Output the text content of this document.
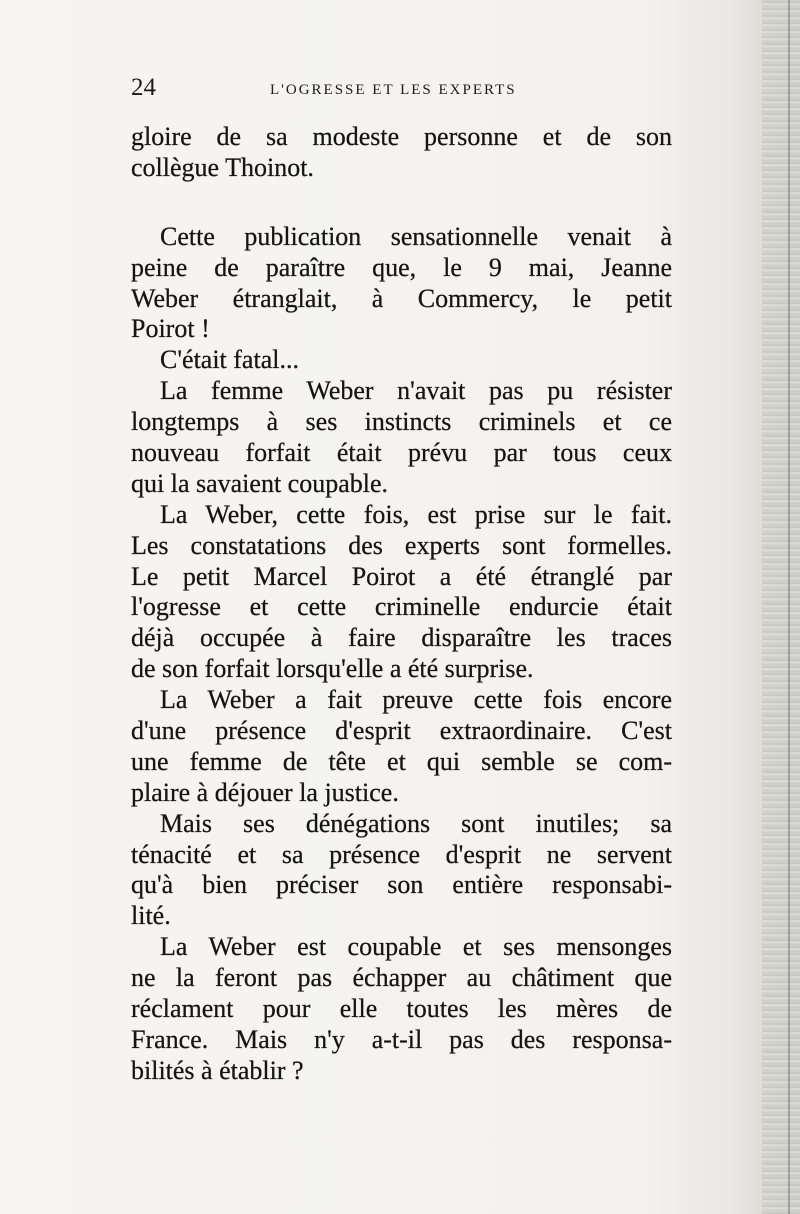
24	L'OGRESSE ET LES EXPERTS
gloire de sa modeste personne et de son
collègue Thoinot.
Cette publication sensationnelle venait à
peine de paraître que, le 9 mai, Jeanne
Weber étranglait, à Commercy, le petit
Poirot !
C'était fatal...
La femme Weber n'avait pas pu résister
longtemps à ses instincts criminels et ce
nouveau forfait était prévu par tous ceux
qui la savaient coupable.
La Weber, cette fois, est prise sur le fait.
Les constatations des experts sont formelles.
Le petit Marcel Poirot a été étranglé par
l'ogresse et cette criminelle endurcie était
déjà occupée à faire disparaître les traces
de son forfait lorsqu'elle a été surprise.
La Weber a fait preuve cette fois encore
d'une présence d'esprit extraordinaire. C'est
une femme de tête et qui semble se com-
plaire à déjouer la justice.
Mais ses dénégations sont inutiles; sa
ténacité et sa présence d'esprit ne servent
qu'à bien préciser son entière responsabi-
lité.
La Weber est coupable et ses mensonges
ne la feront pas échapper au châtiment que
réclament pour elle toutes les mères de
France. Mais n'y a-t-il pas des responsa-
bilités à établir ?
